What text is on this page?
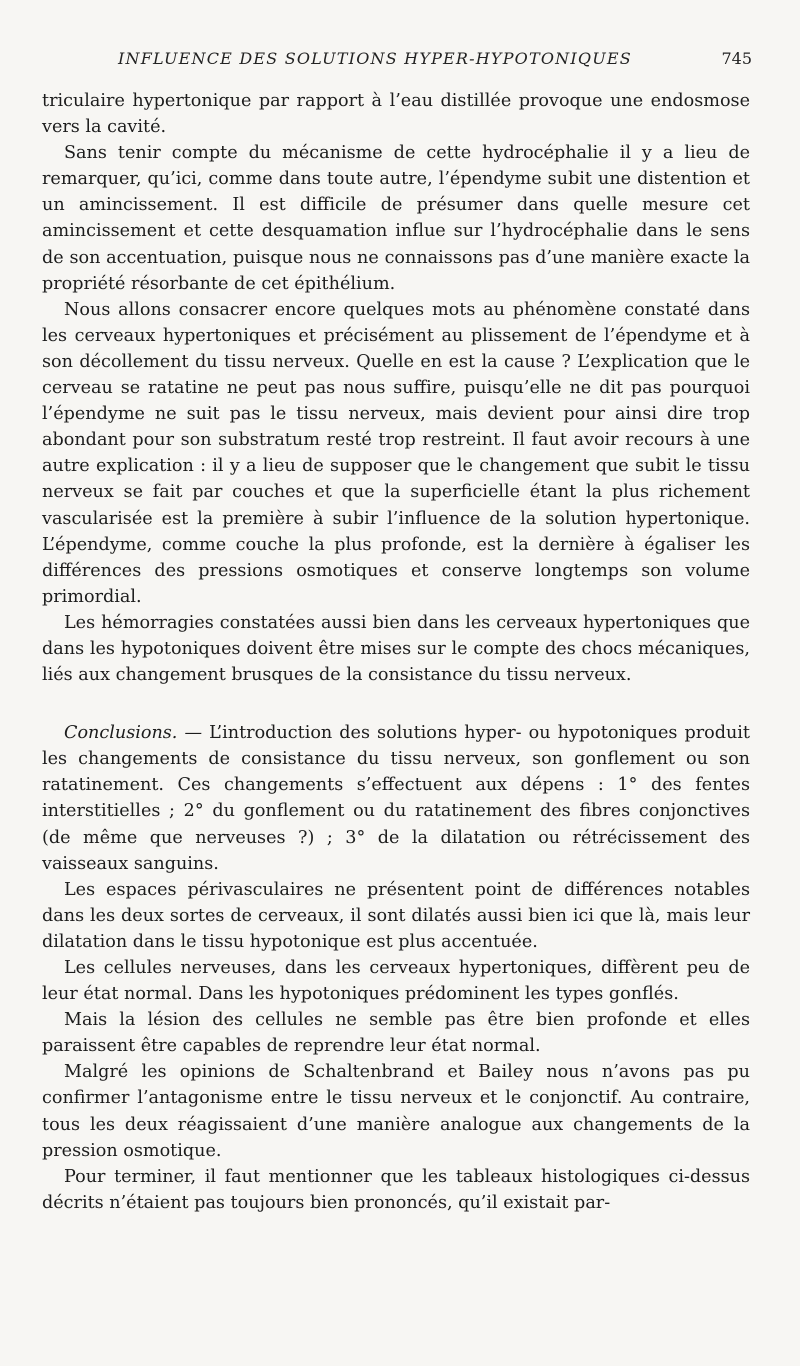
INFLUENCE DES SOLUTIONS HYPER-HYPOTONIQUES	745

triculaire hypertonique par rapport à l’eau distillée provoque une endosmose vers la cavité.

Sans tenir compte du mécanisme de cette hydrocéphalie il y a lieu de remarquer, qu’ici, comme dans toute autre, l’épendyme subit une distention et un amincissement. Il est difficile de présumer dans quelle mesure cet amincissement et cette desquamation influe sur l’hydrocéphalie dans le sens de son accentuation, puisque nous ne connaissons pas d’une manière exacte la propriété résorbante de cet épithélium.

Nous allons consacrer encore quelques mots au phénomène constaté dans les cerveaux hypertoniques et précisément au plissement de l’épendyme et à son décollement du tissu nerveux. Quelle en est la cause ? L’explication que le cerveau se ratatine ne peut pas nous suffire, puisqu’elle ne dit pas pourquoi l’épendyme ne suit pas le tissu nerveux, mais devient pour ainsi dire trop abondant pour son substratum resté trop restreint. Il faut avoir recours à une autre explication : il y a lieu de supposer que le changement que subit le tissu nerveux se fait par couches et que la superficielle étant la plus richement vascularisée est la première à subir l’influence de la solution hypertonique. L’épendyme, comme couche la plus profonde, est la dernière à égaliser les différences des pressions osmotiques et conserve longtemps son volume primordial.

Les hémorragies constatées aussi bien dans les cerveaux hypertoniques que dans les hypotoniques doivent être mises sur le compte des chocs mécaniques, liés aux changement brusques de la consistance du tissu nerveux.

Conclusions. — L’introduction des solutions hyper- ou hypotoniques produit les changements de consistance du tissu nerveux, son gonflement ou son ratatinement. Ces changements s’effectuent aux dépens : 1° des fentes interstitielles ; 2° du gonflement ou du ratatinement des fibres conjonctives (de même que nerveuses ?) ; 3° de la dilatation ou rétrécissement des vaisseaux sanguins.

Les espaces périvasculaires ne présentent point de différences notables dans les deux sortes de cerveaux, il sont dilatés aussi bien ici que là, mais leur dilatation dans le tissu hypotonique est plus accentuée.

Les cellules nerveuses, dans les cerveaux hypertoniques, diffèrent peu de leur état normal. Dans les hypotoniques prédominent les types gonflés.

Mais la lésion des cellules ne semble pas être bien profonde et elles paraissent être capables de reprendre leur état normal.

Malgré les opinions de Schaltenbrand et Bailey nous n’avons pas pu confirmer l’antagonisme entre le tissu nerveux et le conjonctif. Au contraire, tous les deux réagissaient d’une manière analogue aux changements de la pression osmotique.

Pour terminer, il faut mentionner que les tableaux histologiques ci-dessus décrits n’étaient pas toujours bien prononcés, qu’il existait par-
